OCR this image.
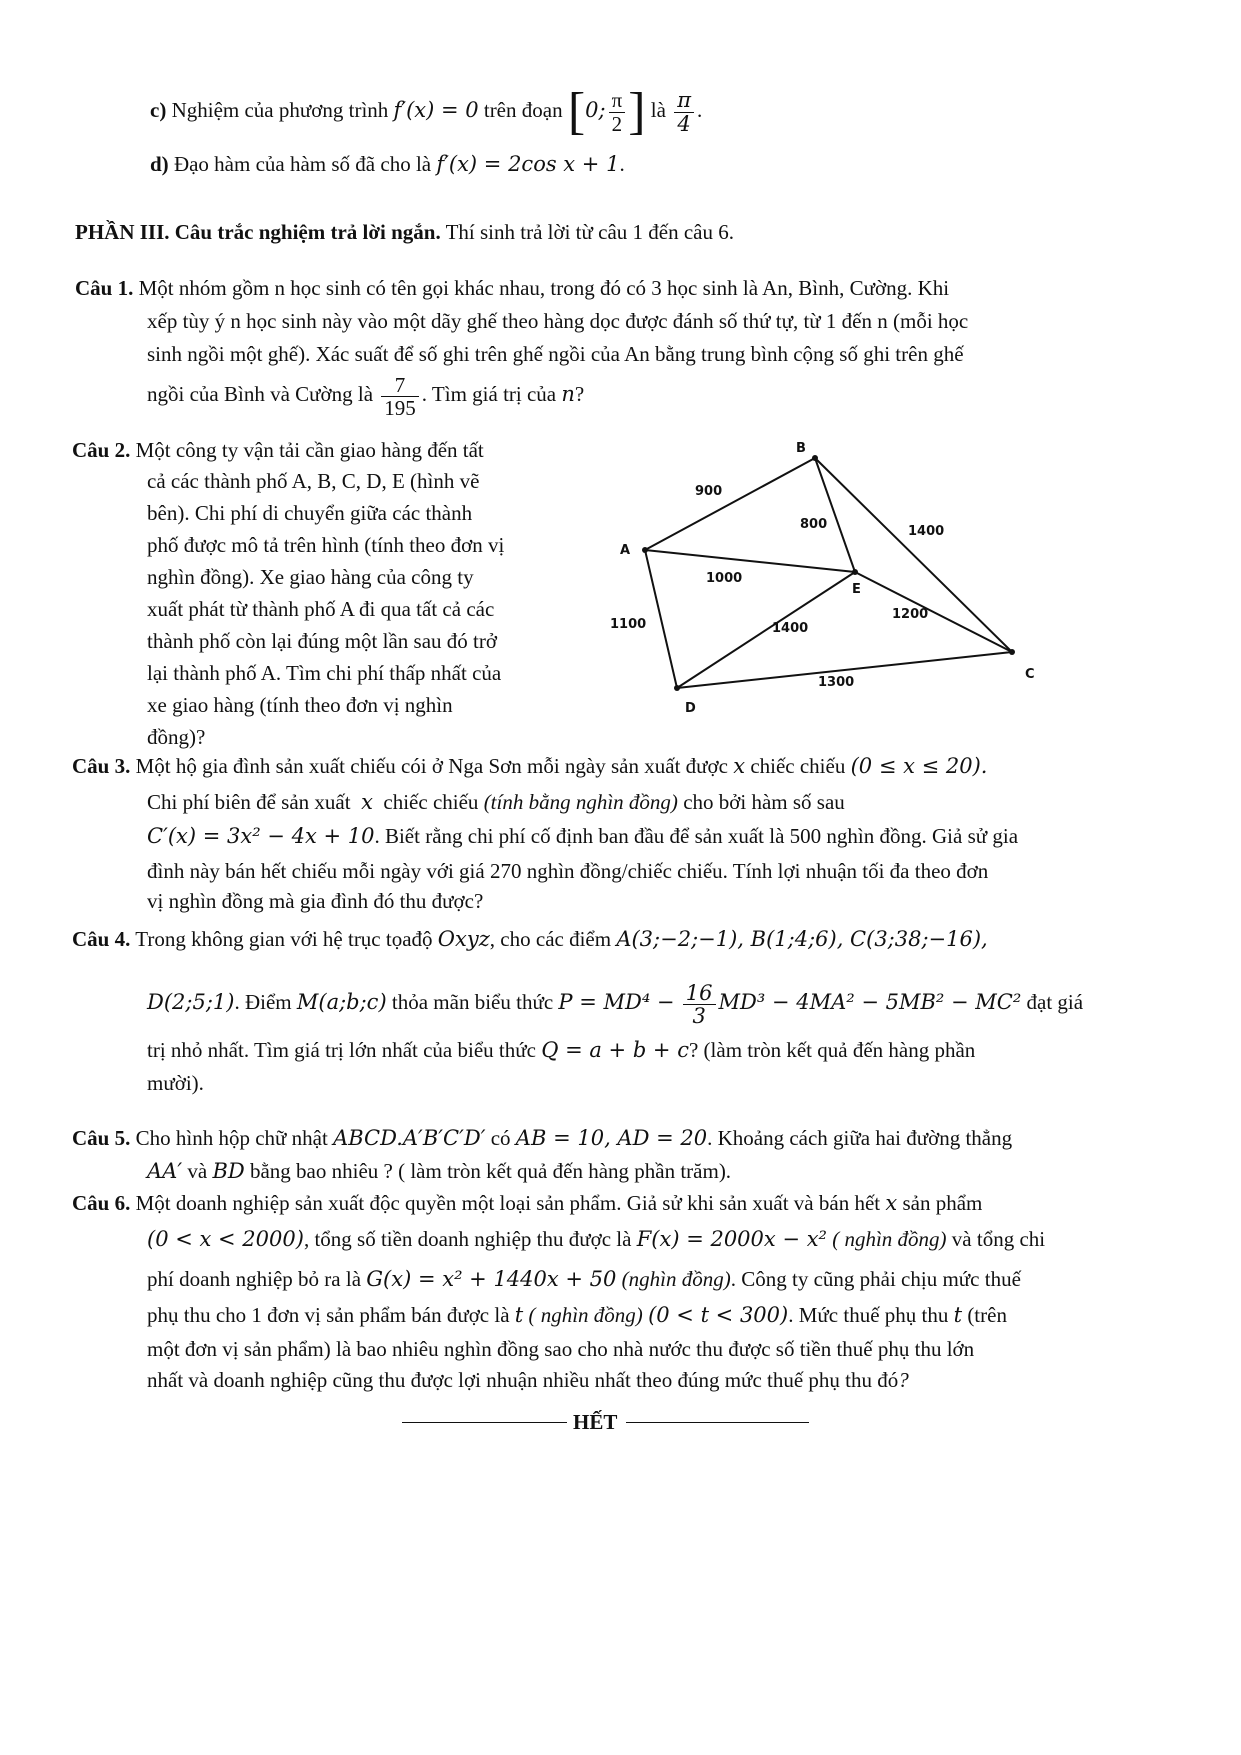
c) Nghiệm của phương trình f′(x) = 0 trên đoạn [0; $\frac{\pi}{2}$ ] là $\frac{\pi}{4}$ .
d) Đạo hàm của hàm số đã cho là f′(x) = 2cos x + 1.
PHẦN III. Câu trắc nghiệm trả lời ngắn. Thí sinh trả lời từ câu 1 đến câu 6.
Câu 1. Một nhóm gồm n học sinh có tên gọi khác nhau, trong đó có 3 học sinh là An, Bình, Cường. Khi
xếp tùy ý n học sinh này vào một dãy ghế theo hàng dọc được đánh số thứ tự, từ 1 đến n (mỗi học
sinh ngồi một ghế). Xác suất để số ghi trên ghế ngồi của An bằng trung bình cộng số ghi trên ghế
ngồi của Bình và Cường là $\frac{7}{195}$ . Tìm giá trị của n?
Câu 2. Một công ty vận tải cần giao hàng đến tất
cả các thành phố A, B, C, D, E (hình vẽ
bên). Chi phí di chuyển giữa các thành
phố được mô tả trên hình (tính theo đơn vị
nghìn đồng). Xe giao hàng của công ty
xuất phát từ thành phố A đi qua tất cả các
thành phố còn lại đúng một lần sau đó trở
lại thành phố A. Tìm chi phí thấp nhất của
xe giao hàng (tính theo đơn vị nghìn
đồng)?
A
B
C
D
E
900
800	1400
1000
1100	1400
1200
1300
Câu 3. Một hộ gia đình sản xuất chiếu cói ở Nga Sơn mỗi ngày sản xuất được x chiếc chiếu (0 ≤ x ≤ 20).
Chi phí biên để sản xuất x chiếc chiếu (tính bằng nghìn đồng) cho bởi hàm số sau
C′(x) = 3x² − 4x + 10. Biết rằng chi phí cố định ban đầu để sản xuất là 500 nghìn đồng. Giả sử gia
đình này bán hết chiếu mỗi ngày với giá 270 nghìn đồng/chiếc chiếu. Tính lợi nhuận tối đa theo đơn
vị nghìn đồng mà gia đình đó thu được?
Câu 4. Trong không gian với hệ trục tọađộ Oxyz, cho các điểm A(3;−2;−1), B(1;4;6), C(3;38;−16),
D(2;5;1). Điểm M(a;b;c) thỏa mãn biểu thức $P = MD^4 - \frac{16}{3} MD^3 - 4MA^2 - 5MB^2 - MC^2$ đạt giá
trị nhỏ nhất. Tìm giá trị lớn nhất của biểu thức Q = a + b + c? (làm tròn kết quả đến hàng phần
mười).
Câu 5. Cho hình hộp chữ nhật ABCD.A′B′C′D′ có AB = 10, AD = 20. Khoảng cách giữa hai đường thẳng
AA′ và BD bằng bao nhiêu ? ( làm tròn kết quả đến hàng phần trăm).
Câu 6. Một doanh nghiệp sản xuất độc quyền một loại sản phẩm. Giả sử khi sản xuất và bán hết x sản phẩm
(0 < x < 2000), tổng số tiền doanh nghiệp thu được là F(x) = 2000x − x² ( nghìn đồng) và tổng chi
phí doanh nghiệp bỏ ra là G(x) = x² + 1440x + 50 (nghìn đồng). Công ty cũng phải chịu mức thuế
phụ thu cho 1 đơn vị sản phẩm bán được là t ( nghìn đồng) (0 < t < 300). Mức thuế phụ thu t (trên
một đơn vị sản phẩm) là bao nhiêu nghìn đồng sao cho nhà nước thu được số tiền thuế phụ thu lớn
nhất và doanh nghiệp cũng thu được lợi nhuận nhiều nhất theo đúng mức thuế phụ thu đó?
HẾT
